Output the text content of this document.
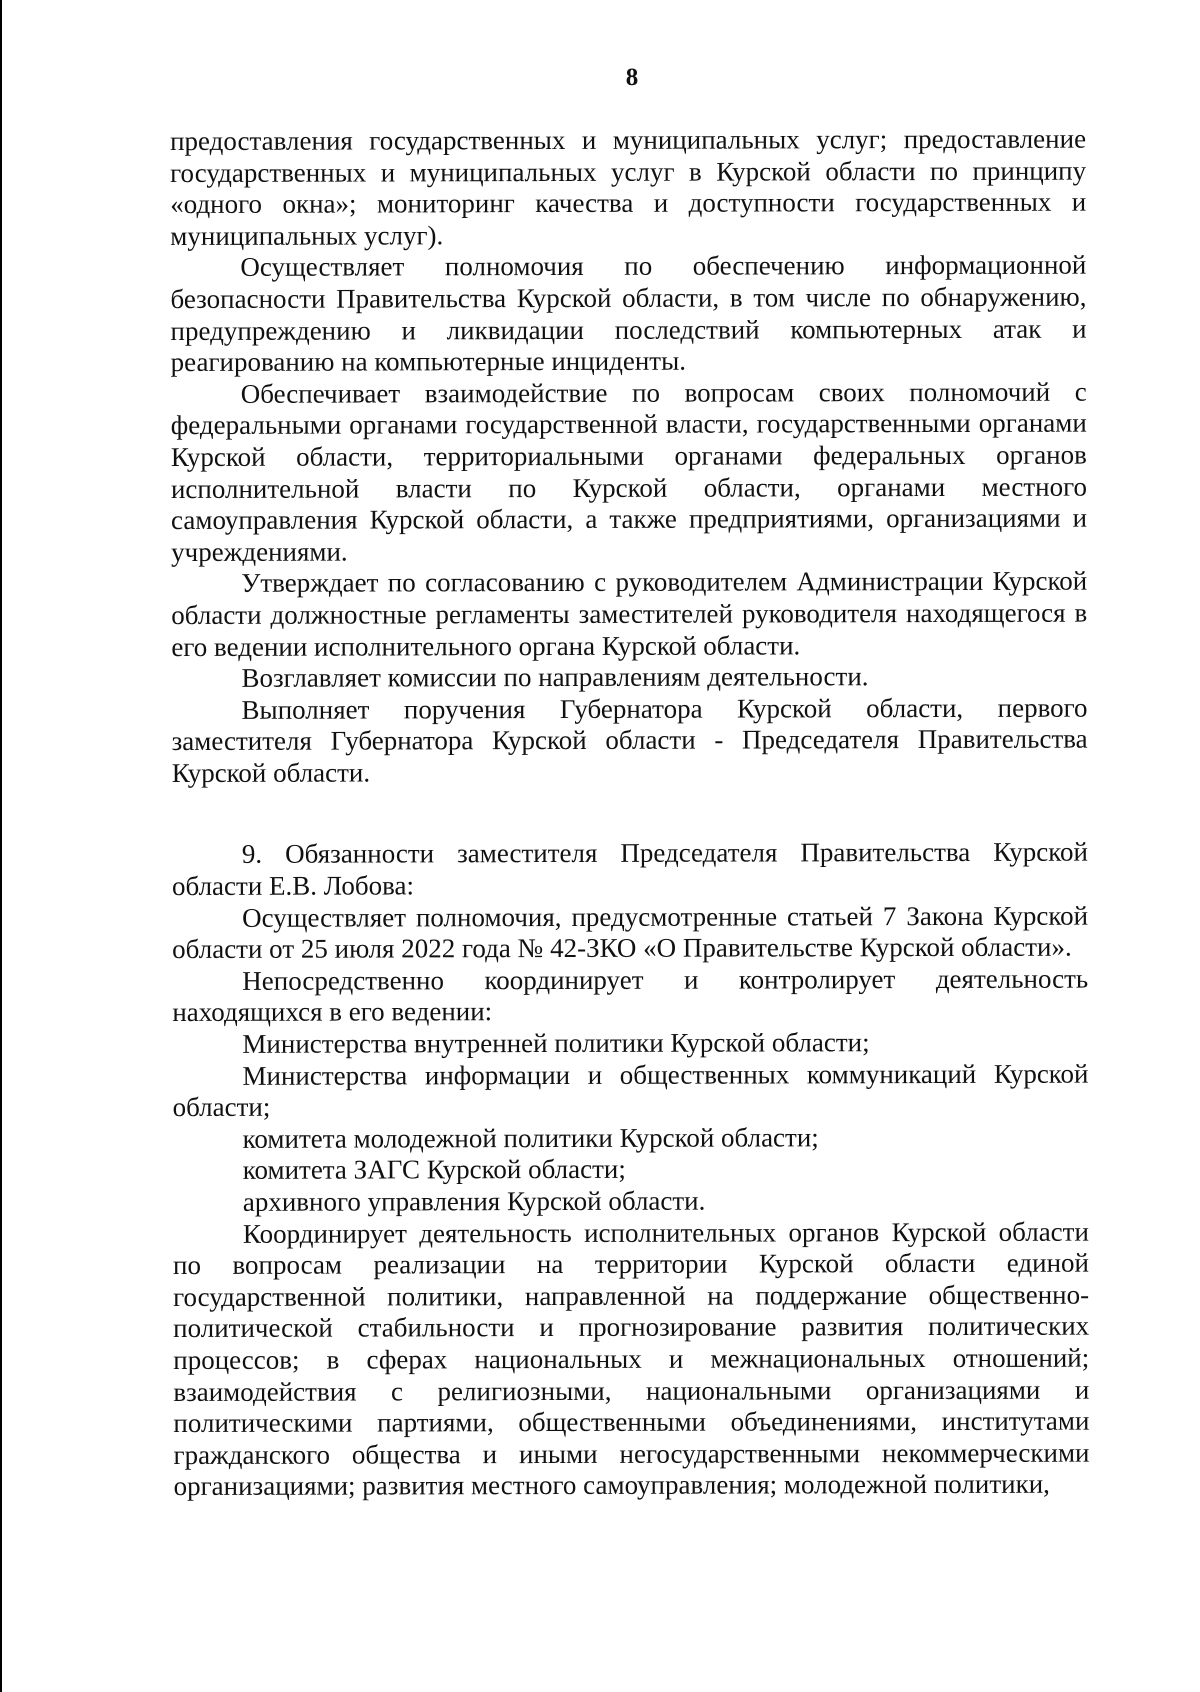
8

предоставления государственных и муниципальных услуг; предоставление государственных и муниципальных услуг в Курской области по принципу «одного окна»; мониторинг качества и доступности государственных и муниципальных услуг).

Осуществляет полномочия по обеспечению информационной безопасности Правительства Курской области, в том числе по обнаружению, предупреждению и ликвидации последствий компьютерных атак и реагированию на компьютерные инциденты.

Обеспечивает взаимодействие по вопросам своих полномочий с федеральными органами государственной власти, государственными органами Курской области, территориальными органами федеральных органов исполнительной власти по Курской области, органами местного самоуправления Курской области, а также предприятиями, организациями и учреждениями.

Утверждает по согласованию с руководителем Администрации Курской области должностные регламенты заместителей руководителя находящегося в его ведении исполнительного органа Курской области.

Возглавляет комиссии по направлениям деятельности.

Выполняет поручения Губернатора Курской области, первого заместителя Губернатора Курской области - Председателя Правительства Курской области.

9. Обязанности заместителя Председателя Правительства Курской области Е.В. Лобова:

Осуществляет полномочия, предусмотренные статьей 7 Закона Курской области от 25 июля 2022 года № 42-ЗКО «О Правительстве Курской области».

Непосредственно координирует и контролирует деятельность находящихся в его ведении:

Министерства внутренней политики Курской области;

Министерства информации и общественных коммуникаций Курской области;

комитета молодежной политики Курской области;

комитета ЗАГС Курской области;

архивного управления Курской области.

Координирует деятельность исполнительных органов Курской области по вопросам реализации на территории Курской области единой государственной политики, направленной на поддержание общественно-политической стабильности и прогнозирование развития политических процессов; в сферах национальных и межнациональных отношений; взаимодействия с религиозными, национальными организациями и политическими партиями, общественными объединениями, институтами гражданского общества и иными негосударственными некоммерческими организациями; развития местного самоуправления; молодежной политики,
